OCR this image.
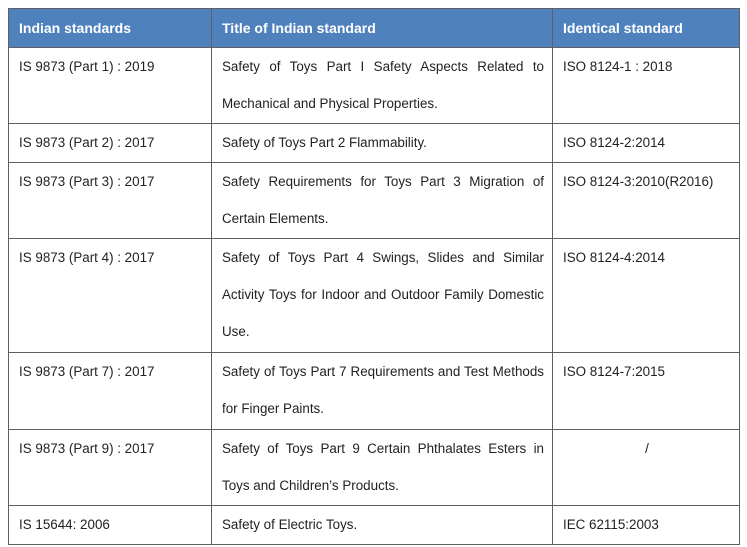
Indian standards	Title of Indian standard	Identical standard
IS 9873 (Part 1) : 2019	Safety of Toys Part I Safety Aspects Related to Mechanical and Physical Properties.	ISO 8124-1 : 2018
IS 9873 (Part 2) : 2017	Safety of Toys Part 2 Flammability.	ISO 8124-2:2014
IS 9873 (Part 3) : 2017	Safety Requirements for Toys Part 3 Migration of Certain Elements.	ISO 8124-3:2010(R2016)
IS 9873 (Part 4) : 2017	Safety of Toys Part 4 Swings, Slides and Similar Activity Toys for Indoor and Outdoor Family Domestic Use.	ISO 8124-4:2014
IS 9873 (Part 7) : 2017	Safety of Toys Part 7 Requirements and Test Methods for Finger Paints.	ISO 8124-7:2015
IS 9873 (Part 9) : 2017	Safety of Toys Part 9 Certain Phthalates Esters in Toys and Children’s Products.	/
IS 15644: 2006	Safety of Electric Toys.	IEC 62115:2003
